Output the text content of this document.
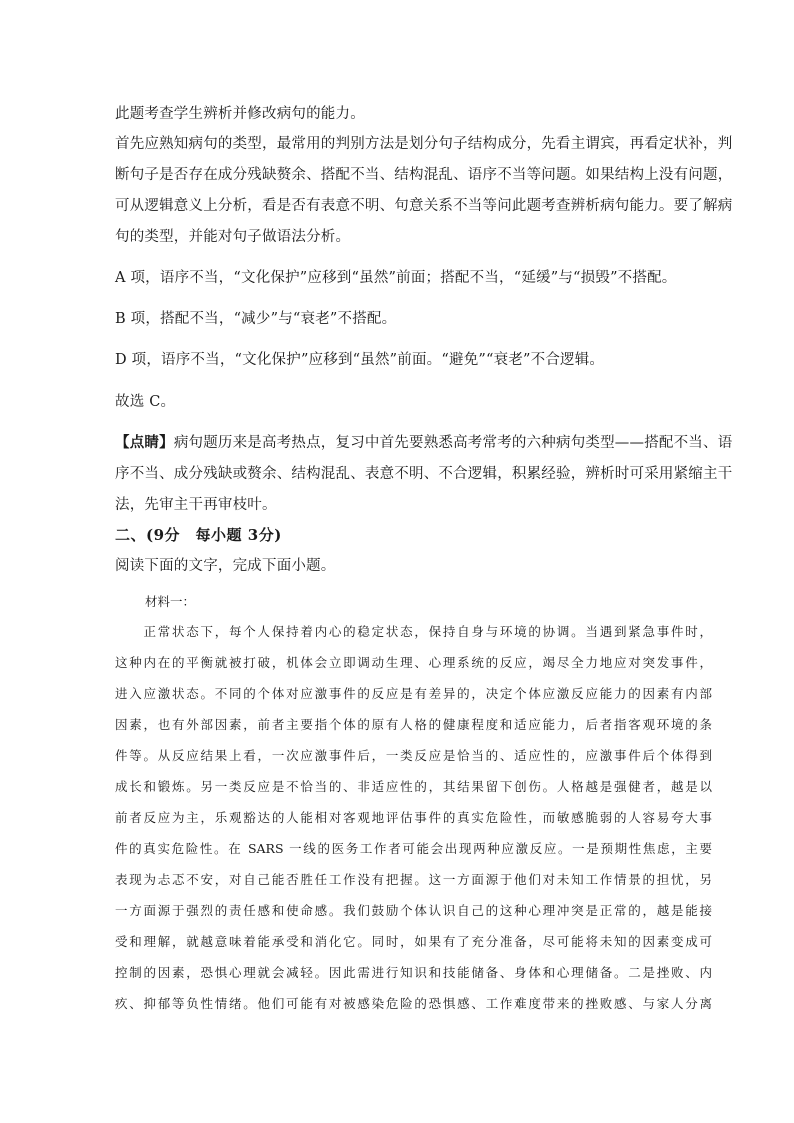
此题考查学生辨析并修改病句的能力。

首先应熟知病句的类型，最常用的判别方法是划分句子结构成分，先看主谓宾，再看定状补，判

断句子是否存在成分残缺赘余、搭配不当、结构混乱、语序不当等问题。如果结构上没有问题，

可从逻辑意义上分析，看是否有表意不明、句意关系不当等问此题考查辨析病句能力。要了解病

句的类型，并能对句子做语法分析。

A 项，语序不当，“文化保护”应移到“虽然”前面；搭配不当，“延缓”与“损毁”不搭配。

B 项，搭配不当，“减少”与“衰老”不搭配。

D 项，语序不当，“文化保护”应移到“虽然”前面。“避免”“衰老”不合逻辑。

故选 C。

【点睛】病句题历来是高考热点，复习中首先要熟悉高考常考的六种病句类型——搭配不当、语

序不当、成分残缺或赘余、结构混乱、表意不明、不合逻辑，积累经验，辨析时可采用紧缩主干

法，先审主干再审枝叶。

二、(9分　每小题 3分)

阅读下面的文字，完成下面小题。

材料一：

　　正常状态下，每个人保持着内心的稳定状态，保持自身与环境的协调。当遇到紧急事件时，

这种内在的平衡就被打破，机体会立即调动生理、心理系统的反应，竭尽全力地应对突发事件，

进入应激状态。不同的个体对应激事件的反应是有差异的，决定个体应激反应能力的因素有内部

因素，也有外部因素，前者主要指个体的原有人格的健康程度和适应能力，后者指客观环境的条

件等。从反应结果上看，一次应激事件后，一类反应是恰当的、适应性的，应激事件后个体得到

成长和锻炼。另一类反应是不恰当的、非适应性的，其结果留下创伤。人格越是强健者，越是以

前者反应为主，乐观豁达的人能相对客观地评估事件的真实危险性，而敏感脆弱的人容易夸大事

件的真实危险性。在 SARS 一线的医务工作者可能会出现两种应激反应。一是预期性焦虑，主要

表现为忐忑不安，对自己能否胜任工作没有把握。这一方面源于他们对未知工作情景的担忧，另

一方面源于强烈的责任感和使命感。我们鼓励个体认识自己的这种心理冲突是正常的，越是能接

受和理解，就越意味着能承受和消化它。同时，如果有了充分准备，尽可能将未知的因素变成可

控制的因素，恐惧心理就会减轻。因此需进行知识和技能储备、身体和心理储备。二是挫败、内

疚、抑郁等负性情绪。他们可能有对被感染危险的恐惧感、工作难度带来的挫败感、与家人分离
